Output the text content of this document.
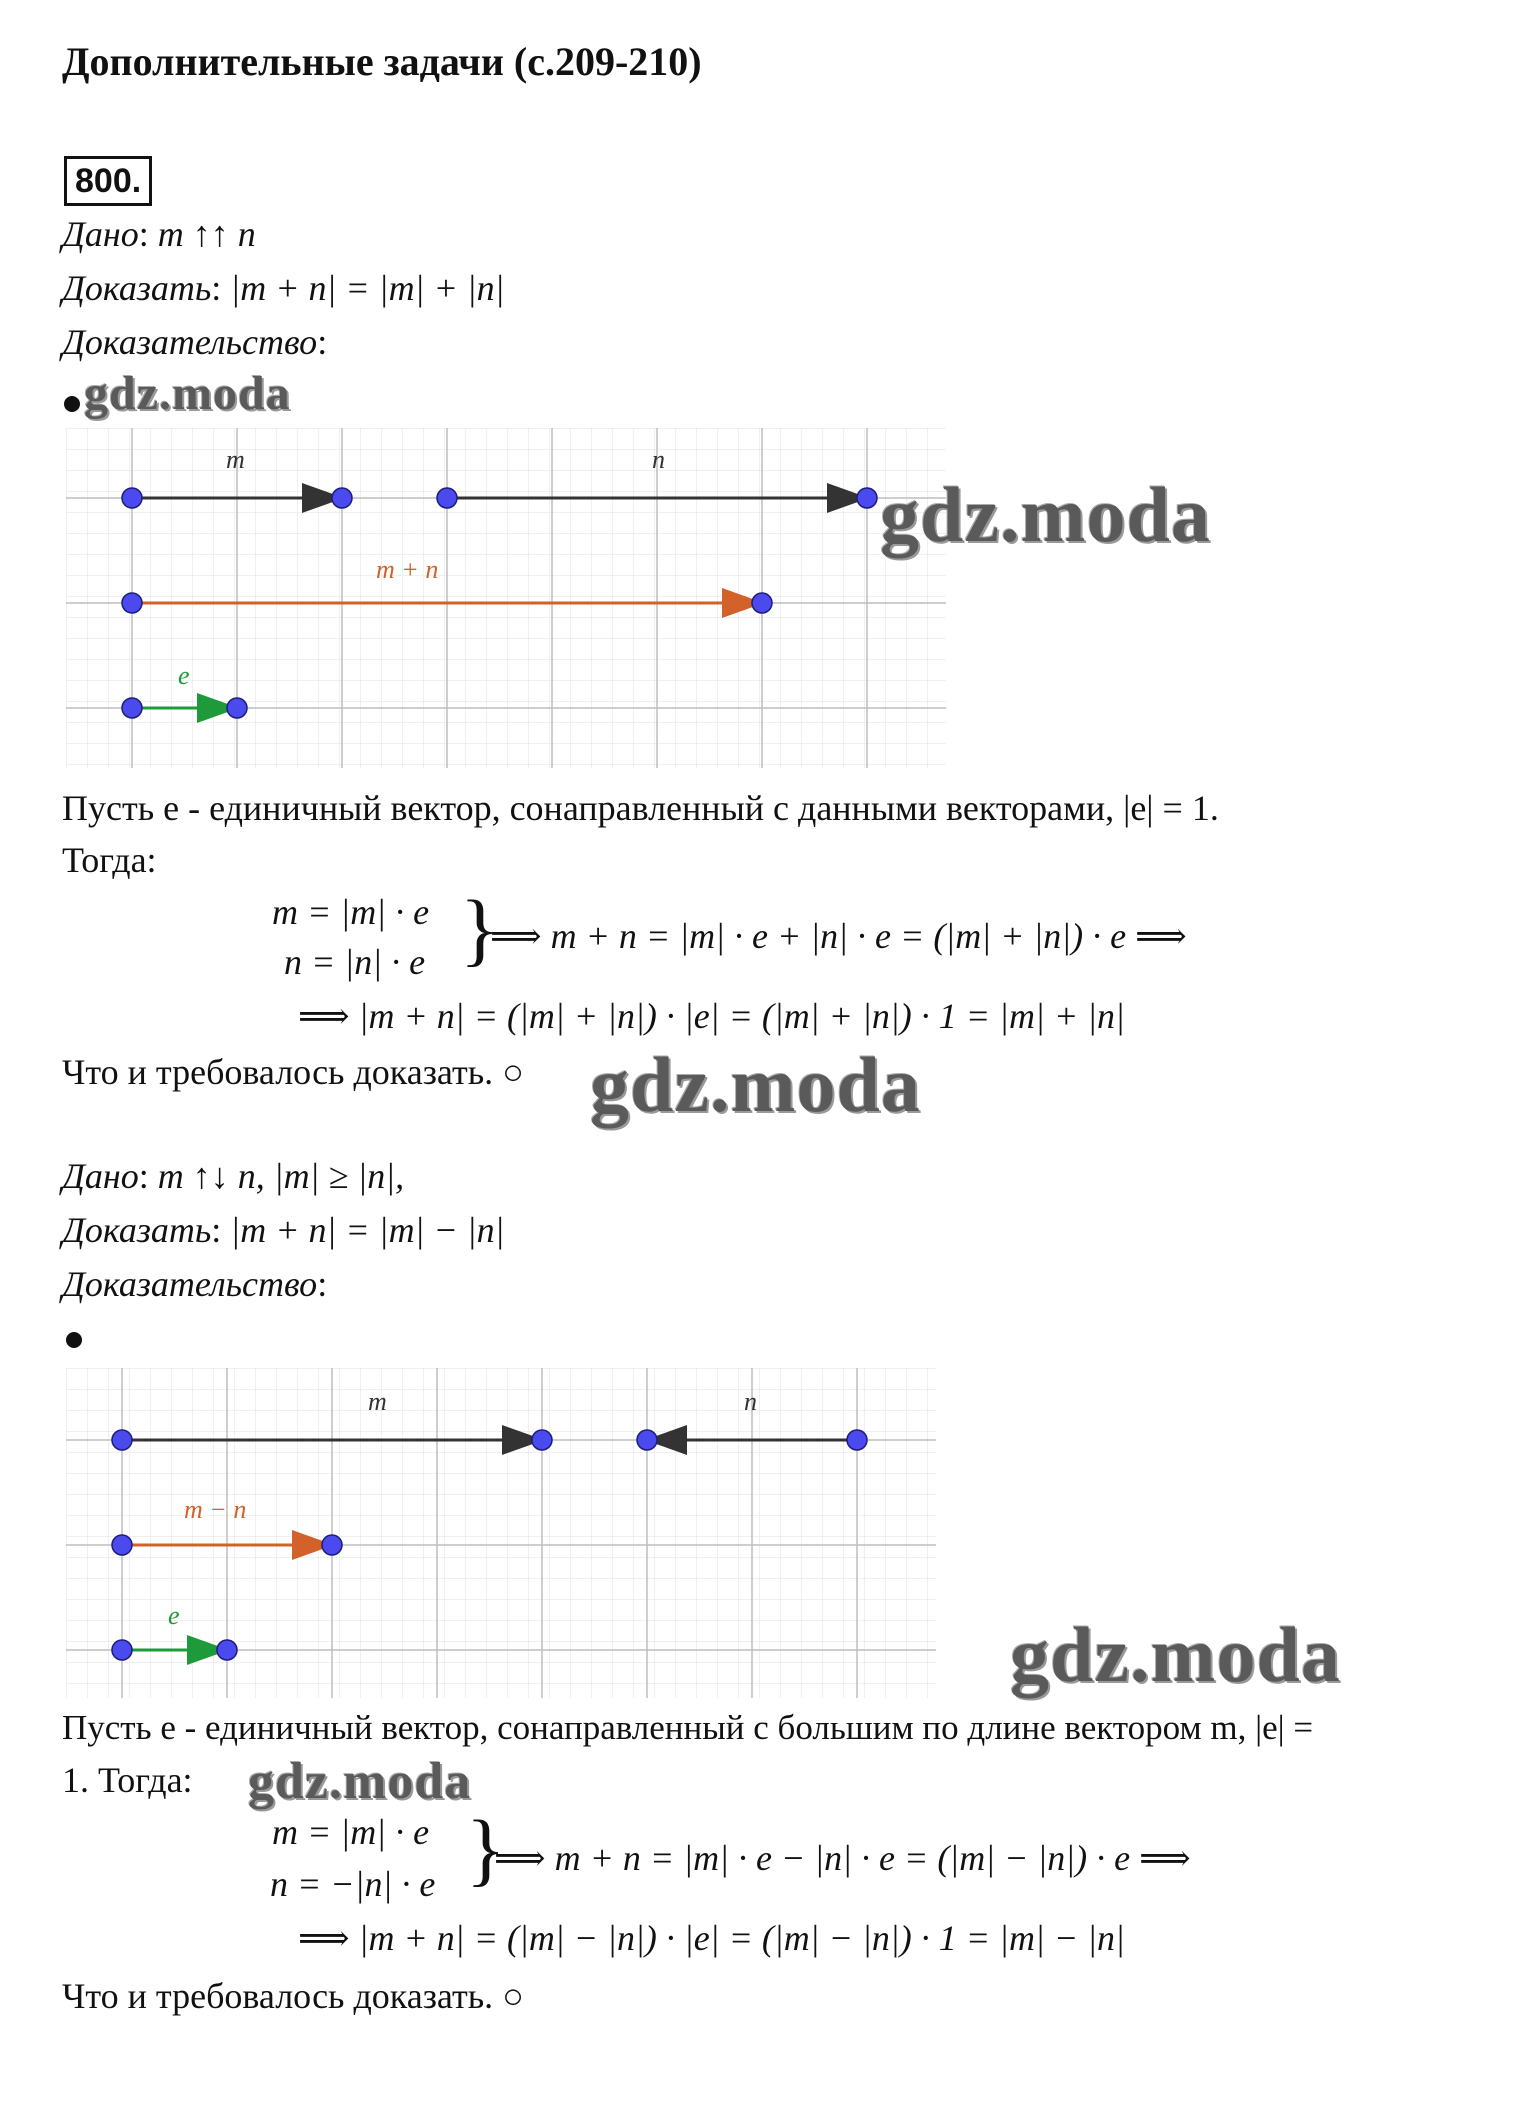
Дополнительные задачи (с.209-210)
800.
Дано: m ↑↑ n
Доказать: |m + n| = |m| + |n|
Доказательство:
gdz.moda
m	n
m + n
e
gdz.moda
Пусть e - единичный вектор, сонаправленный с данными векторами, |e| = 1.
Тогда:
m = |m| · e
n = |n| · e }
⟹ m + n = |m| · e + |n| · e = (|m| + |n|) · e ⟹
⟹ |m + n| = (|m| + |n|) · |e| = (|m| + |n|) · 1 = |m| + |n|
Что и требовалось доказать. ○ gdz.moda
Дано: m ↑↓ n, |m| ≥ |n|,
Доказать: |m + n| = |m| − |n|
Доказательство:
m	n
m − n
e	gdz.moda
Пусть e - единичный вектор, сонаправленный с большим по длине вектором m, |e| =
1. Тогда: gdz.moda
m = |m| · e
n = −|n| · e }
⟹ m + n = |m| · e − |n| · e = (|m| − |n|) · e ⟹
⟹ |m + n| = (|m| − |n|) · |e| = (|m| − |n|) · 1 = |m| − |n|
Что и требовалось доказать. ○
